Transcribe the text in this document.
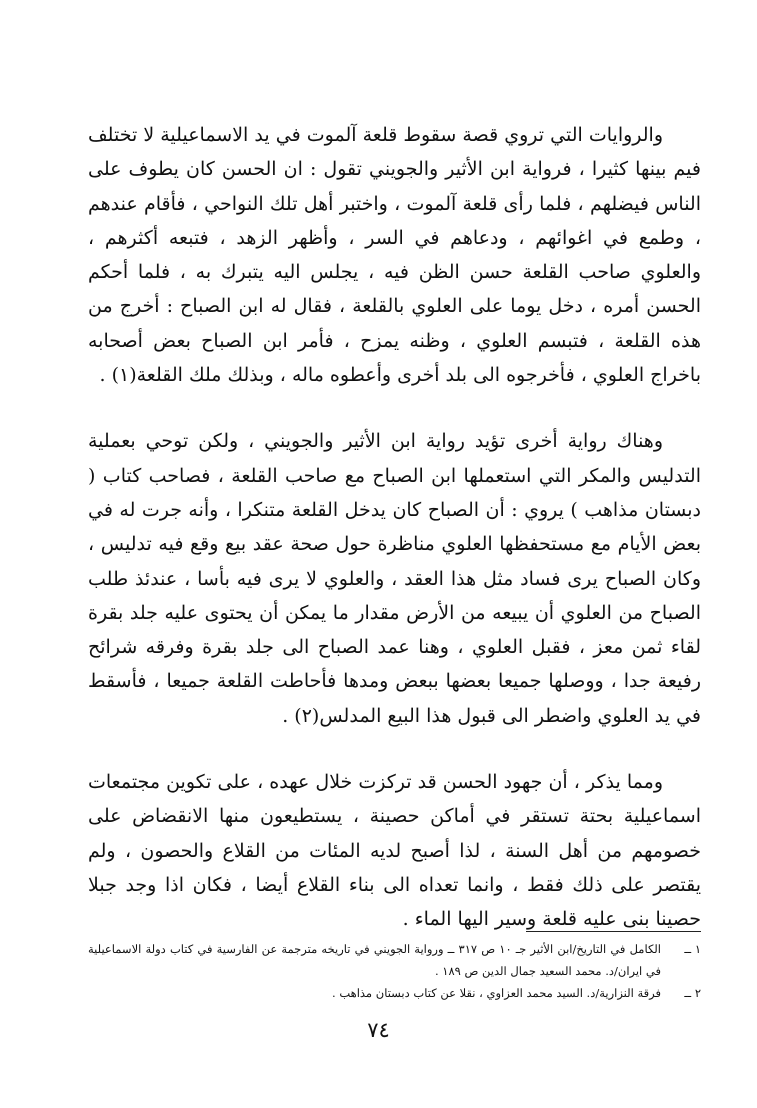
والروايات التي تروي قصة سقوط قلعة آلموت في يد الاسماعيلية لا تختلف فيم بينها كثيرا ، فرواية ابن الأثير والجويني تقول : ان الحسن كان يطوف على الناس فيضلهم ، فلما رأى قلعة آلموت ، واختبر أهل تلك النواحي ، فأقام عندهم ، وطمع في اغوائهم ، ودعاهم في السر ، وأظهر الزهد ، فتبعه أكثرهم ، والعلوي صاحب القلعة حسن الظن فيه ، يجلس اليه يتبرك به ، فلما أحكم الحسن أمره ، دخل يوما على العلوي بالقلعة ، فقال له ابن الصباح : أخرج من هذه القلعة ، فتبسم العلوي ، وظنه يمزح ، فأمر ابن الصباح بعض أصحابه باخراج العلوي ، فأخرجوه الى بلد أخرى وأعطوه ماله ، وبذلك ملك القلعة(١) .

وهناك رواية أخرى تؤيد رواية ابن الأثير والجويني ، ولكن توحي بعملية التدليس والمكر التي استعملها ابن الصباح مع صاحب القلعة ، فصاحب كتاب ( دبستان مذاهب ) يروي : أن الصباح كان يدخل القلعة متنكرا ، وأنه جرت له في بعض الأيام مع مستحفظها العلوي مناظرة حول صحة عقد بيع وقع فيه تدليس ، وكان الصباح يرى فساد مثل هذا العقد ، والعلوي لا يرى فيه بأسا ، عندئذ طلب الصباح من العلوي أن يبيعه من الأرض مقدار ما يمكن أن يحتوى عليه جلد بقرة لقاء ثمن معز ، فقبل العلوي ، وهنا عمد الصباح الى جلد بقرة وفرقه شرائح رفيعة جدا ، ووصلها جميعا بعضها ببعض ومدها فأحاطت القلعة جميعا ، فأسقط في يد العلوي واضطر الى قبول هذا البيع المدلس(٢) .

ومما يذكر ، أن جهود الحسن قد تركزت خلال عهده ، على تكوين مجتمعات اسماعيلية بحتة تستقر في أماكن حصينة ، يستطيعون منها الانقضاض على خصومهم من أهل السنة ، لذا أصبح لديه المئات من القلاع والحصون ، ولم يقتصر على ذلك فقط ، وانما تعداه الى بناء القلاع أيضا ، فكان اذا وجد جبلا حصينا بنى عليه قلعة وسير اليها الماء .

١ ــ
الكامل في التاريخ/ابن الأثير جـ ١٠ ص ٣١٧ ــ ورواية الجويني في تاريخه مترجمة عن الفارسية في كتاب دولة الاسماعيلية في ايران/د. محمد السعيد جمال الدين ص ١٨٩ .
٢ ــ
فرقة النزارية/د. السيد محمد العزاوي ، نقلا عن كتاب دبستان مذاهب .
٧٤
